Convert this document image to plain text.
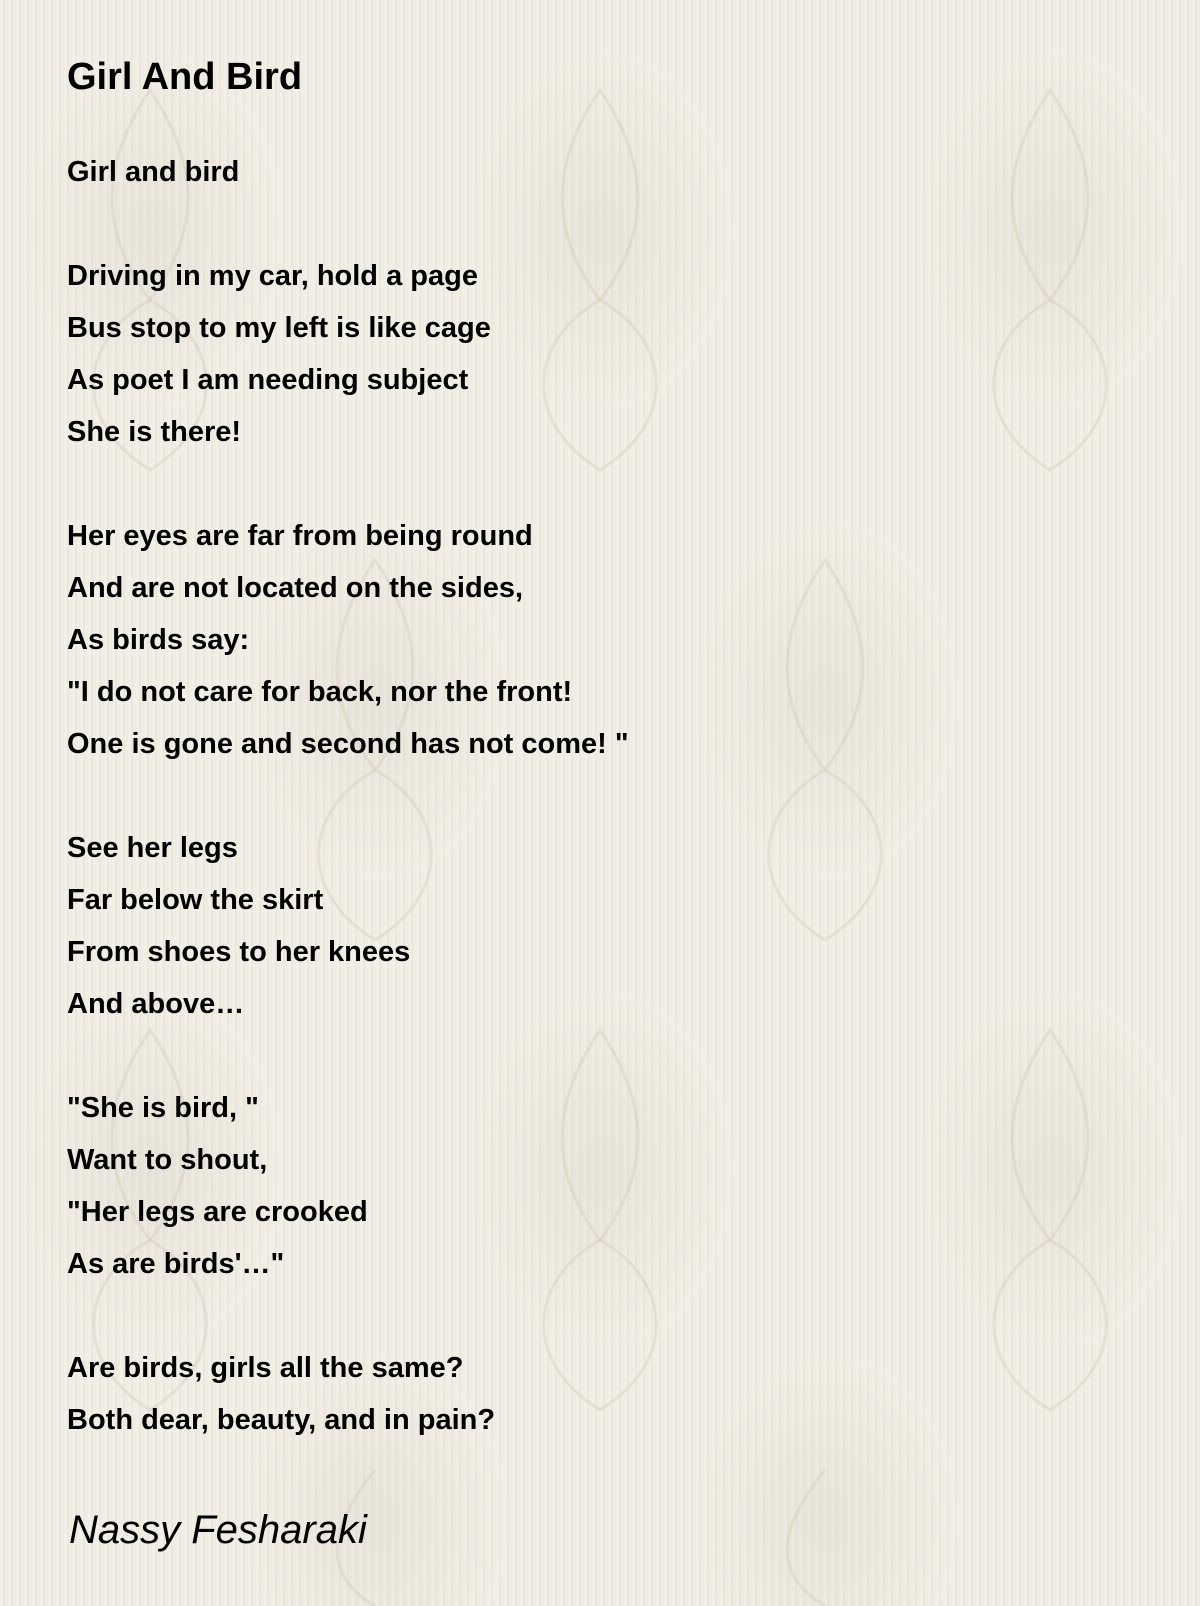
Girl And Bird
Girl and bird
Driving in my car, hold a page
Bus stop to my left is like cage
As poet I am needing subject
She is there!
Her eyes are far from being round
And are not located on the sides,
As birds say:
"I do not care for back, nor the front!
One is gone and second has not come! "
See her legs
Far below the skirt
From shoes to her knees
And above…
"She is bird, "
Want to shout,
"Her legs are crooked
As are birds'…"
Are birds, girls all the same?
Both dear, beauty, and in pain?
Nassy Fesharaki
